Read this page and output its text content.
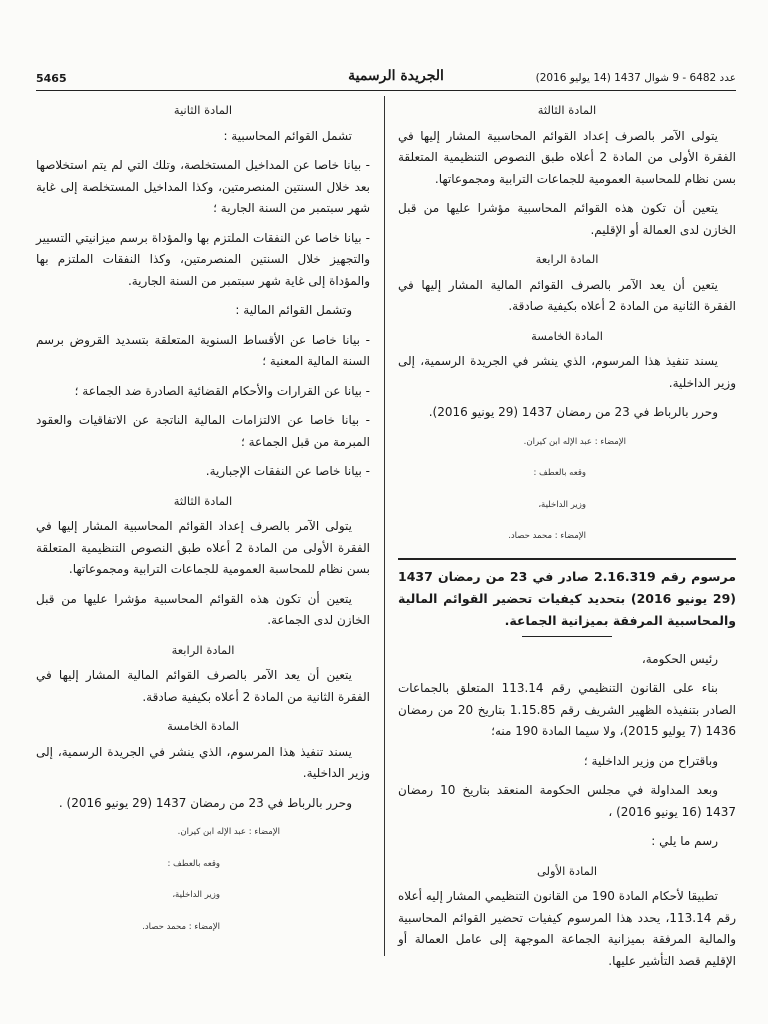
5465	الجريدة الرسمية	عدد 6482 - 9 شوال 1437 (14 يوليو 2016)
المادة الثالثة

يتولى الآمر بالصرف إعداد القوائم المحاسبية المشار إليها في الفقرة الأولى من المادة 2 أعلاه طبق النصوص التنظيمية المتعلقة بسن نظام للمحاسبة العمومية للجماعات الترابية ومجموعاتها.

يتعين أن تكون هذه القوائم المحاسبية مؤشرا عليها من قبل الخازن لدى العمالة أو الإقليم.

المادة الرابعة

يتعين أن يعد الآمر بالصرف القوائم المالية المشار إليها في الفقرة الثانية من المادة 2 أعلاه بكيفية صادقة.

المادة الخامسة

يسند تنفيذ هذا المرسوم، الذي ينشر في الجريدة الرسمية، إلى وزير الداخلية.

وحرر بالرباط في 23 من رمضان 1437 (29 يونيو 2016).

الإمضاء : عبد الإله ابن كيران.

وقعه بالعطف :

وزير الداخلية،

الإمضاء : محمد حصاد.

مرسوم رقم 2.16.319 صادر في 23 من رمضان 1437 (29 يونيو 2016) بتحديد كيفيات تحضير القوائم المالية والمحاسبية المرفقة بميزانية الجماعة.

رئيس الحكومة،

بناء على القانون التنظيمي رقم 113.14 المتعلق بالجماعات الصادر بتنفيذه الظهير الشريف رقم 1.15.85 بتاريخ 20 من رمضان 1436 (7 يوليو 2015)، ولا سيما المادة 190 منه؛

وباقتراح من وزير الداخلية ؛

وبعد المداولة في مجلس الحكومة المنعقد بتاريخ 10 رمضان 1437 (16 يونيو 2016) ،

رسم ما يلي :

المادة الأولى

تطبيقا لأحكام المادة 190 من القانون التنظيمي المشار إليه أعلاه رقم 113.14، يحدد هذا المرسوم كيفيات تحضير القوائم المحاسبية والمالية المرفقة بميزانية الجماعة الموجهة إلى عامل العمالة أو الإقليم قصد التأشير عليها.

المادة الثانية

تشمل القوائم المحاسبية :

- بيانا خاصا عن المداخيل المستخلصة، وتلك التي لم يتم استخلاصها بعد خلال السنتين المنصرمتين، وكذا المداخيل المستخلصة إلى غاية شهر سبتمبر من السنة الجارية ؛

- بيانا خاصا عن النفقات الملتزم بها والمؤداة برسم ميزانيتي التسيير والتجهيز خلال السنتين المنصرمتين، وكذا النفقات الملتزم بها والمؤداة إلى غاية شهر سبتمبر من السنة الجارية.

وتشمل القوائم المالية :

- بيانا خاصا عن الأقساط السنوية المتعلقة بتسديد القروض برسم السنة المالية المعنية ؛

- بيانا عن القرارات والأحكام القضائية الصادرة ضد الجماعة ؛

- بيانا خاصا عن الالتزامات المالية الناتجة عن الاتفاقيات والعقود المبرمة من قبل الجماعة ؛

- بيانا خاصا عن النفقات الإجبارية.

المادة الثالثة

يتولى الآمر بالصرف إعداد القوائم المحاسبية المشار إليها في الفقرة الأولى من المادة 2 أعلاه طبق النصوص التنظيمية المتعلقة بسن نظام للمحاسبة العمومية للجماعات الترابية ومجموعاتها.

يتعين أن تكون هذه القوائم المحاسبية مؤشرا عليها من قبل الخازن لدى الجماعة.

المادة الرابعة

يتعين أن يعد الآمر بالصرف القوائم المالية المشار إليها في الفقرة الثانية من المادة 2 أعلاه بكيفية صادقة.

المادة الخامسة

يسند تنفيذ هذا المرسوم، الذي ينشر في الجريدة الرسمية، إلى وزير الداخلية.

وحرر بالرباط في 23 من رمضان 1437 (29 يونيو 2016) .

الإمضاء : عبد الإله ابن كيران.

وقعه بالعطف :

وزير الداخلية،

الإمضاء : محمد حصاد.
